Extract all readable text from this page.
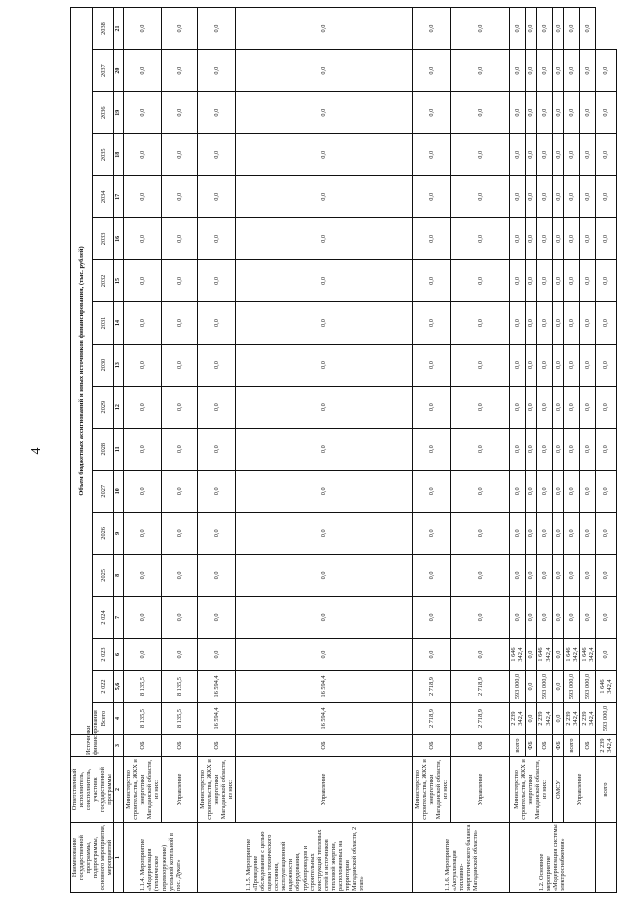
4
Наименование государственной программы, подпрограммы, основного мероприятия, мероприятий	Ответственный исполнитель, соисполнитель, участник государственной программы	Источники финансирования	Объем бюджетных ассигнований и иных источников финансирования, (тыс. рублей)																	
			Всего	2 022	2 023	2 024	2025	2026	2027	2028	2029	2030	2031	2032	2033	2034	2035	2036	2037	2038
1	2	3	4	5,6	6	7	8	9	10	11	12	13	14	15	16	17	18	19	20	21
1.1.4. Мероприятие «Модернизация (техническое перевооружение) угольной котельной в пос. Дукат»	Министерство строительства, ЖКХ и энергетики Магаданской области, из них:	ОБ	8 135,5	8 135,5	0,0	0,0	0,0	0,0	0,0	0,0	0,0	0,0	0,0	0,0	0,0	0,0	0,0	0,0	0,0	0,0
	Управление	ОБ	8 135,5	8 135,5	0,0	0,0	0,0	0,0	0,0	0,0	0,0	0,0	0,0	0,0	0,0	0,0	0,0	0,0	0,0	0,0
1.1.5. Мероприятие «Проведение обследования с целью оценки технического состояния, эксплуатационной надежности оборудования, трубопроводов и строительных конструкций тепловых сетей и источников тепловой энергии, расположенных на территории Магаданской области, 2 этап»	Министерство строительства, ЖКХ и энергетики Магаданской области, из них:	ОБ	16 594,4	16 594,4	0,0	0,0	0,0	0,0	0,0	0,0	0,0	0,0	0,0	0,0	0,0	0,0	0,0	0,0	0,0	0,0
	Управление	ОБ	16 594,4	16 594,4	0,0	0,0	0,0	0,0	0,0	0,0	0,0	0,0	0,0	0,0	0,0	0,0	0,0	0,0	0,0	0,0
1.1.6. Мероприятие «Актуализация топливно-энергетического баланса Магаданской области»	Министерство строительства, ЖКХ и энергетики Магаданской области, из них:	ОБ	2 718,9	2 718,9	0,0	0,0	0,0	0,0	0,0	0,0	0,0	0,0	0,0	0,0	0,0	0,0	0,0	0,0	0,0	0,0
	Управление	ОБ	2 718,9	2 718,9	0,0	0,0	0,0	0,0	0,0	0,0	0,0	0,0	0,0	0,0	0,0	0,0	0,0	0,0	0,0	0,0
1.2. Основное мероприятие «Модернизация системы электроснабжения»	Министерство строительства, ЖКХ и энергетики Магаданской области, из них:	всего	2 239 342,4	593 000,0	1 646 342,4	0,0	0,0	0,0	0,0	0,0	0,0	0,0	0,0	0,0	0,0	0,0	0,0	0,0	0,0	0,0
		ФБ	0,0	0,0	0,0	0,0	0,0	0,0	0,0	0,0	0,0	0,0	0,0	0,0	0,0	0,0	0,0	0,0	0,0	0,0
		ОБ	2 239 342,4	593 000,0	1 646 342,4	0,0	0,0	0,0	0,0	0,0	0,0	0,0	0,0	0,0	0,0	0,0	0,0	0,0	0,0	0,0
	ОМСУ	ФБ	0,0	0,0	0,0	0,0	0,0	0,0	0,0	0,0	0,0	0,0	0,0	0,0	0,0	0,0	0,0	0,0	0,0	0,0
	Управление	всего	2 239 342,4	593 000,0	1 646 342,4	0,0	0,0	0,0	0,0	0,0	0,0	0,0	0,0	0,0	0,0	0,0	0,0	0,0	0,0	0,0
		ОБ	2 239 342,4	593 000,0	1 646 342,4	0,0	0,0	0,0	0,0	0,0	0,0	0,0	0,0	0,0	0,0	0,0	0,0	0,0	0,0	0,0
	всего	2 239 342,4	593 000,0	1 646 342,4	0,0	0,0	0,0	0,0	0,0	0,0	0,0	0,0	0,0	0,0	0,0	0,0	0,0	0,0	0,0	
